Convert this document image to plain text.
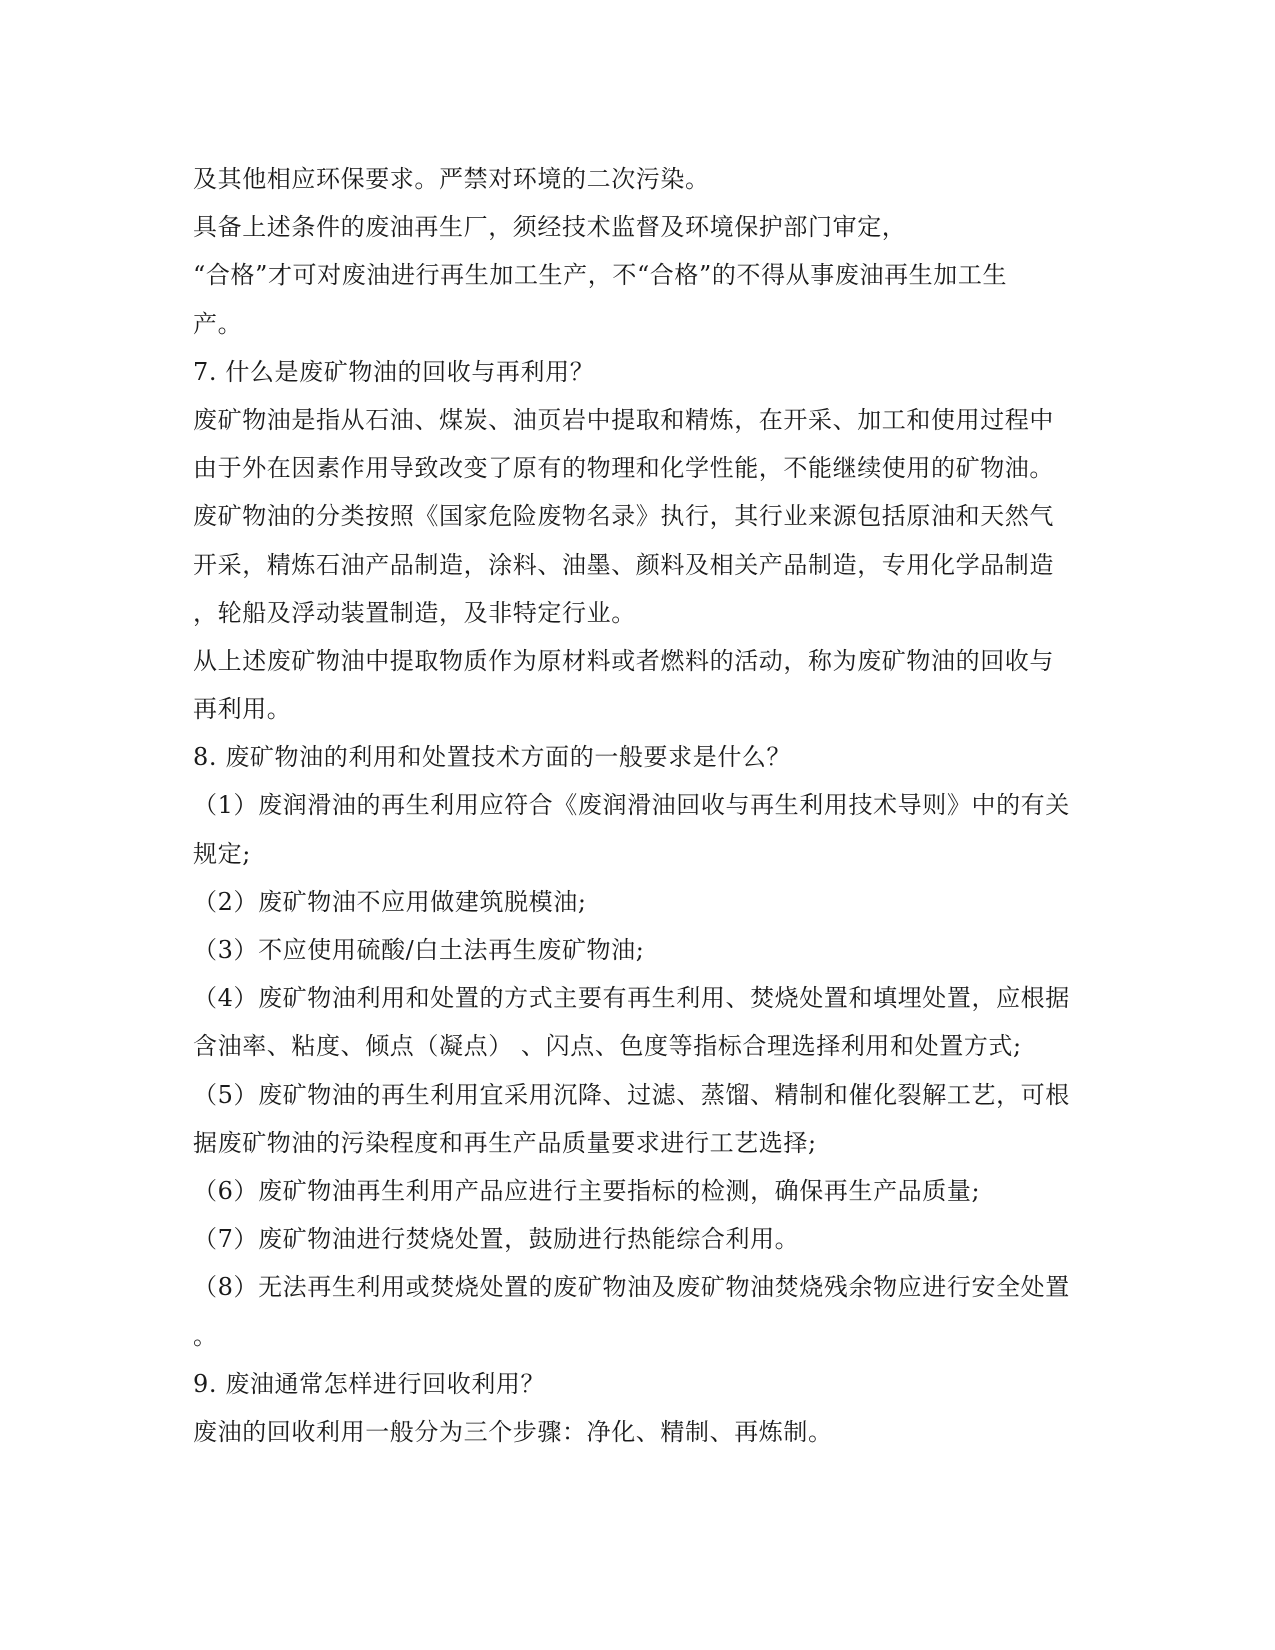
及其他相应环保要求。严禁对环境的二次污染。
具备上述条件的废油再生厂，须经技术监督及环境保护部门审定，
“合格”才可对废油进行再生加工生产，不“合格”的不得从事废油再生加工生
产。
7. 什么是废矿物油的回收与再利用？
废矿物油是指从石油、煤炭、油页岩中提取和精炼，在开采、加工和使用过程中
由于外在因素作用导致改变了原有的物理和化学性能，不能继续使用的矿物油。
废矿物油的分类按照《国家危险废物名录》执行，其行业来源包括原油和天然气
开采，精炼石油产品制造，涂料、油墨、颜料及相关产品制造，专用化学品制造
，轮船及浮动装置制造，及非特定行业。
从上述废矿物油中提取物质作为原材料或者燃料的活动，称为废矿物油的回收与
再利用。
8. 废矿物油的利用和处置技术方面的一般要求是什么？
（1）废润滑油的再生利用应符合《废润滑油回收与再生利用技术导则》中的有关
规定;
（2）废矿物油不应用做建筑脱模油;
（3）不应使用硫酸/白土法再生废矿物油;
（4）废矿物油利用和处置的方式主要有再生利用、焚烧处置和填埋处置，应根据
含油率、粘度、倾点（凝点） 、闪点、色度等指标合理选择利用和处置方式;
（5）废矿物油的再生利用宜采用沉降、过滤、蒸馏、精制和催化裂解工艺，可根
据废矿物油的污染程度和再生产品质量要求进行工艺选择;
（6）废矿物油再生利用产品应进行主要指标的检测，确保再生产品质量;
（7）废矿物油进行焚烧处置，鼓励进行热能综合利用。
（8）无法再生利用或焚烧处置的废矿物油及废矿物油焚烧残余物应进行安全处置
。
9. 废油通常怎样进行回收利用？
废油的回收利用一般分为三个步骤：净化、精制、再炼制。
